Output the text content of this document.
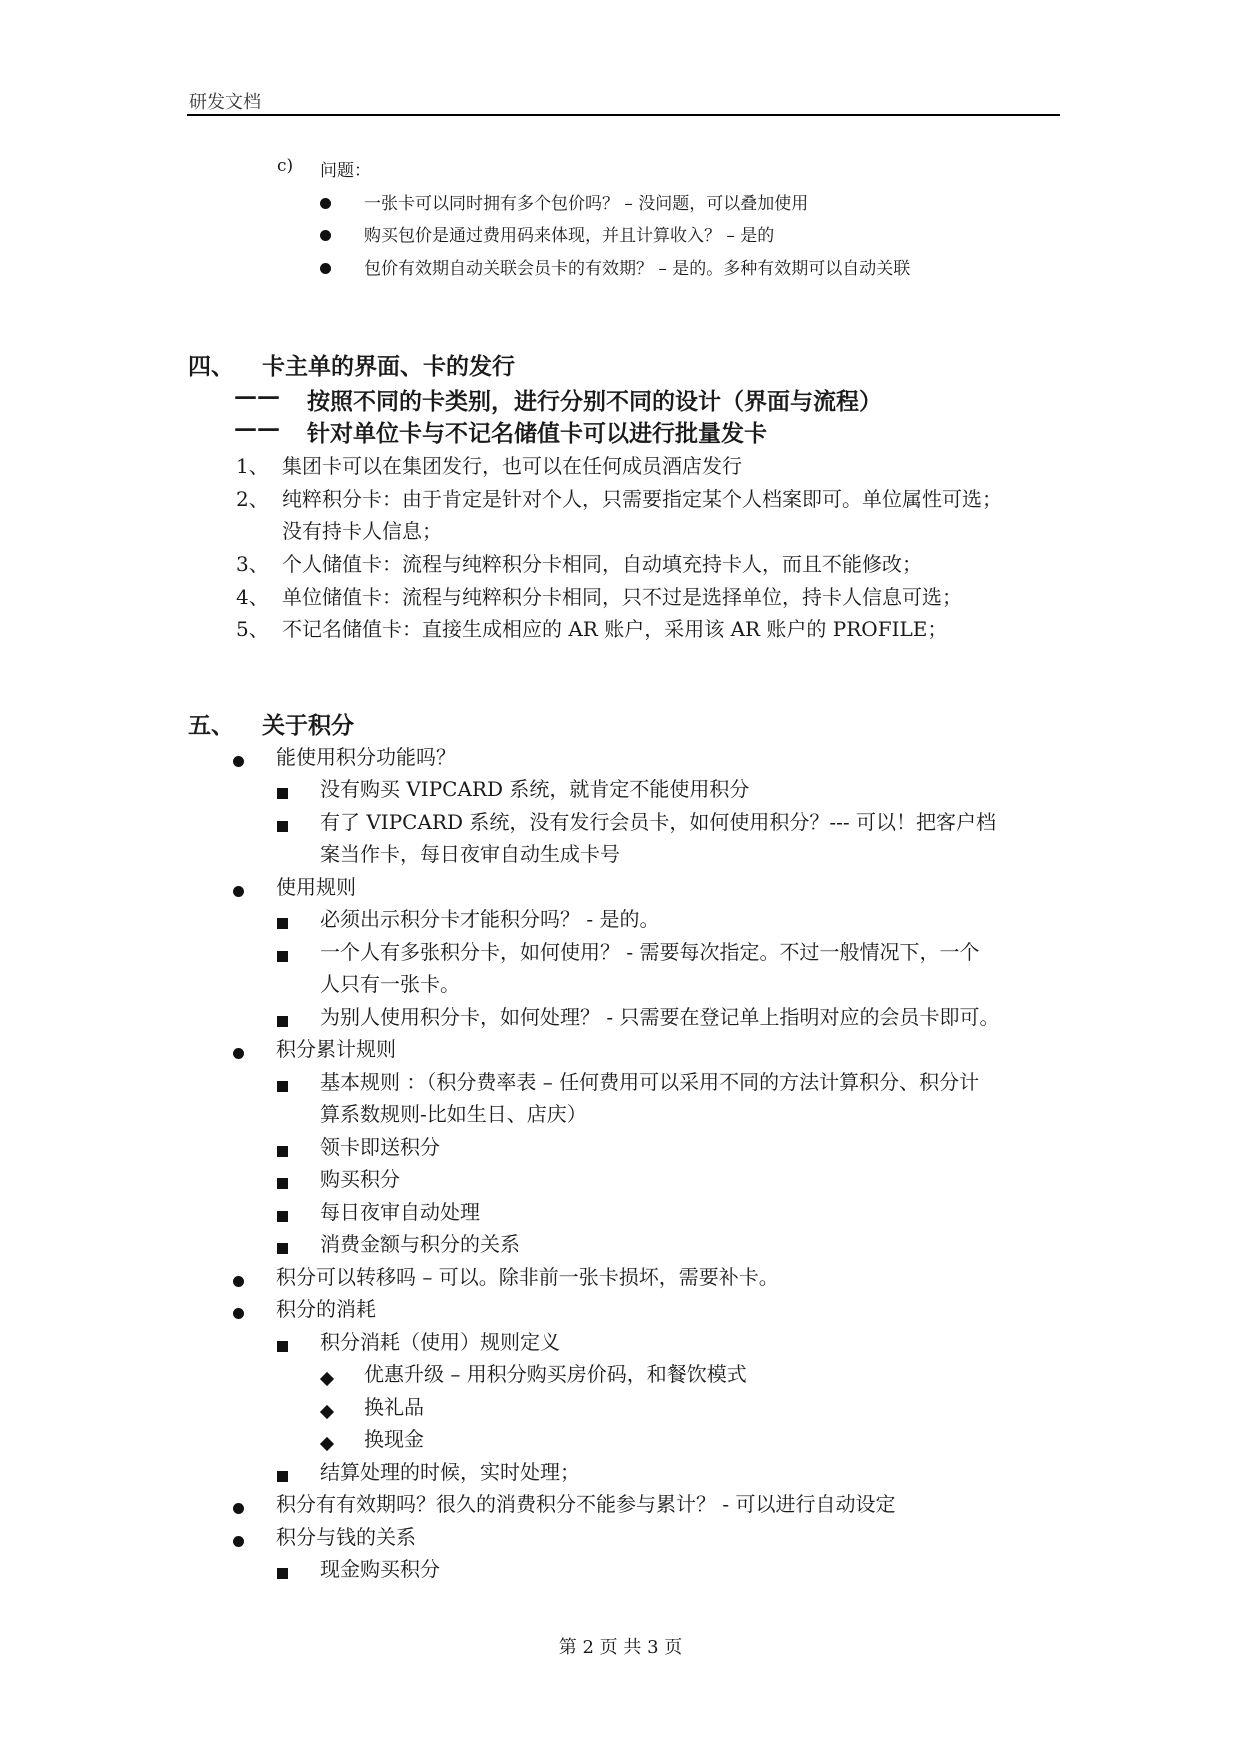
研发文档
c) 问题：
一张卡可以同时拥有多个包价吗？ – 没问题，可以叠加使用
购买包价是通过费用码来体现，并且计算收入？ – 是的
包价有效期自动关联会员卡的有效期？ – 是的。多种有效期可以自动关联
四、 卡主单的界面、卡的发行
—— 按照不同的卡类别，进行分别不同的设计（界面与流程）
—— 针对单位卡与不记名储值卡可以进行批量发卡
1、 集团卡可以在集团发行，也可以在任何成员酒店发行
2、 纯粹积分卡：由于肯定是针对个人，只需要指定某个人档案即可。单位属性可选；
没有持卡人信息；
3、 个人储值卡：流程与纯粹积分卡相同，自动填充持卡人，而且不能修改；
4、 单位储值卡：流程与纯粹积分卡相同，只不过是选择单位，持卡人信息可选；
5、 不记名储值卡：直接生成相应的 AR 账户，采用该 AR 账户的 PROFILE；
五、 关于积分
能使用积分功能吗？
没有购买 VIPCARD 系统，就肯定不能使用积分
有了 VIPCARD 系统，没有发行会员卡，如何使用积分？--- 可以！把客户档
案当作卡，每日夜审自动生成卡号
使用规则
必须出示积分卡才能积分吗？ - 是的。
一个人有多张积分卡，如何使用？ - 需要每次指定。不过一般情况下，一个
人只有一张卡。
为别人使用积分卡，如何处理？ - 只需要在登记单上指明对应的会员卡即可。
积分累计规则
基本规则 ：（积分费率表 – 任何费用可以采用不同的方法计算积分、积分计
算系数规则-比如生日、店庆）
领卡即送积分
购买积分
每日夜审自动处理
消费金额与积分的关系
积分可以转移吗 – 可以。除非前一张卡损坏，需要补卡。
积分的消耗
积分消耗（使用）规则定义
优惠升级 – 用积分购买房价码，和餐饮模式
换礼品
换现金
结算处理的时候，实时处理；
积分有有效期吗？很久的消费积分不能参与累计？ - 可以进行自动设定
积分与钱的关系
现金购买积分
第 2 页 共 3 页
